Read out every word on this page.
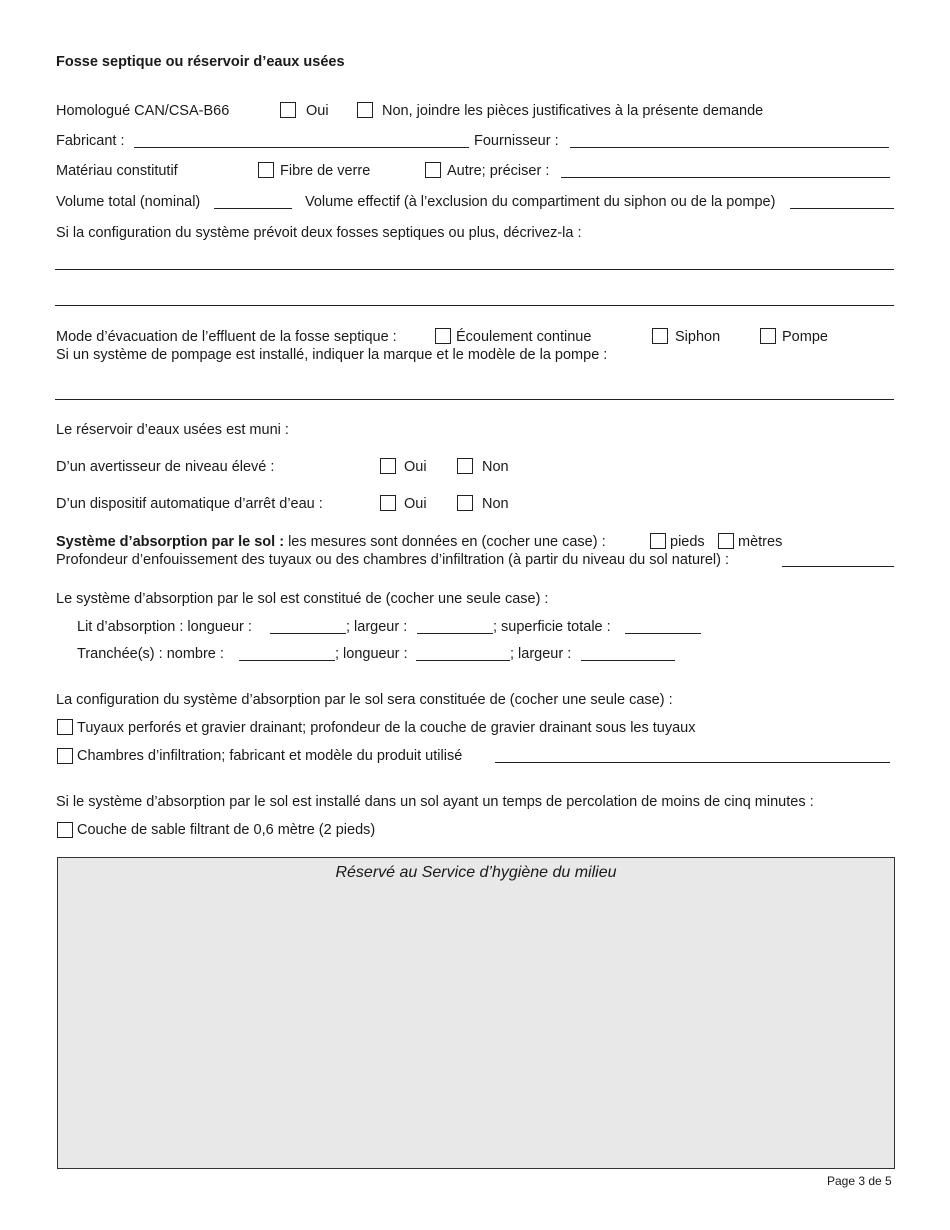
Fosse septique ou réservoir d’eaux usées
Homologué CAN/CSA-B66	Oui	Non, joindre les pièces justificatives à la présente demande
Fabricant :	Fournisseur :
Matériau constitutif	Fibre de verre	Autre; préciser :
Volume total (nominal)	Volume effectif (à l’exclusion du compartiment du siphon ou de la pompe)
Si la configuration du système prévoit deux fosses septiques ou plus, décrivez-la :
Mode d’évacuation de l’effluent de la fosse septique :	Écoulement continue	Siphon	Pompe
Si un système de pompage est installé, indiquer la marque et le modèle de la pompe :
Le réservoir d’eaux usées est muni :
D’un avertisseur de niveau élevé :	Oui	Non
D’un dispositif automatique d’arrêt d’eau :	Oui	Non
Système d’absorption par le sol : les mesures sont données en (cocher une case) :	pieds mètres
Profondeur d’enfouissement des tuyaux ou des chambres d’infiltration (à partir du niveau du sol naturel) :
Le système d’absorption par le sol est constitué de (cocher une seule case) :
Lit d’absorption : longueur :	; largeur :	; superficie totale :
Tranchée(s) : nombre :	; longueur :	; largeur :
La configuration du système d’absorption par le sol sera constituée de (cocher une seule case) :
Tuyaux perforés et gravier drainant; profondeur de la couche de gravier drainant sous les tuyaux
Chambres d’infiltration; fabricant et modèle du produit utilisé
Si le système d’absorption par le sol est installé dans un sol ayant un temps de percolation de moins de cinq minutes :
Couche de sable filtrant de 0,6 mètre (2 pieds)
Réservé au Service d’hygiène du milieu
Page 3 de 5
